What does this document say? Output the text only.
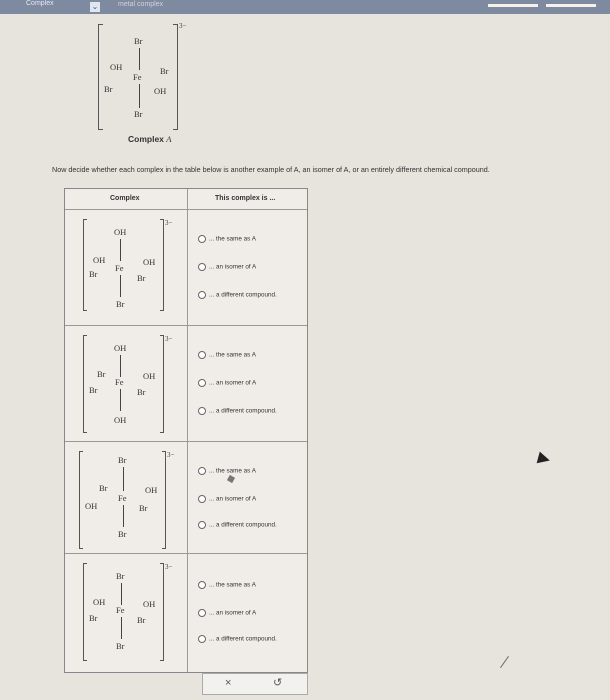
Complex	⌄	metal complex
3−
Br
OH
Br
Fe
Br
OH
Br
Complex A
Now decide whether each complex in the table below is another example of A, an isomer of A, or an entirely different chemical compound.
Complex	This complex is ...
3−
OH
OH
Br
Fe
OH
Br
Br
... the same as A
... an isomer of A
... a different compound.
3−
OH
Br
Br
Fe
OH
Br
OH
... the same as A
... an isomer of A
... a different compound.
3−
Br
Br
OH
Fe
OH
Br
Br
... the same as A
... an isomer of A
... a different compound.
3−
Br
OH
Br
Fe
OH
Br
Br
... the same as A
... an isomer of A
... a different compound.
×	↺
